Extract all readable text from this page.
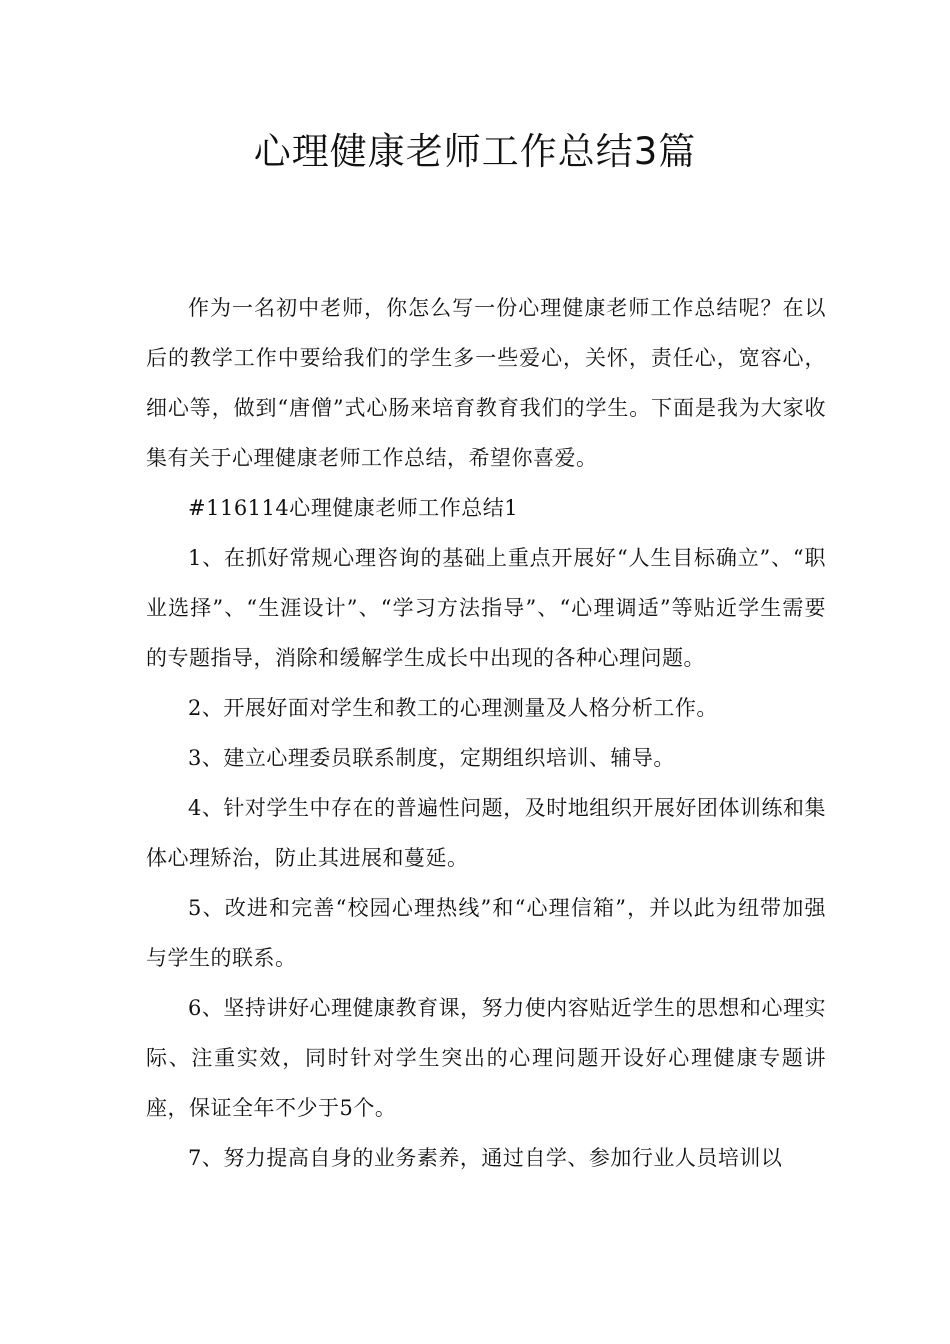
心理健康老师工作总结3篇

作为一名初中老师，你怎么写一份心理健康老师工作总结呢？在以后的教学工作中要给我们的学生多一些爱心，关怀，责任心，宽容心，细心等，做到“唐僧”式心肠来培育教育我们的学生。下面是我为大家收集有关于心理健康老师工作总结，希望你喜爱。

#116114心理健康老师工作总结1

1、在抓好常规心理咨询的基础上重点开展好“人生目标确立”、“职业选择”、“生涯设计”、“学习方法指导”、“心理调适”等贴近学生需要的专题指导，消除和缓解学生成长中出现的各种心理问题。

2、开展好面对学生和教工的心理测量及人格分析工作。

3、建立心理委员联系制度，定期组织培训、辅导。

4、针对学生中存在的普遍性问题，及时地组织开展好团体训练和集体心理矫治，防止其进展和蔓延。

5、改进和完善“校园心理热线”和“心理信箱”，并以此为纽带加强与学生的联系。

6、坚持讲好心理健康教育课，努力使内容贴近学生的思想和心理实际、注重实效，同时针对学生突出的心理问题开设好心理健康专题讲座，保证全年不少于5个。

7、努力提高自身的业务素养，通过自学、参加行业人员培训以
